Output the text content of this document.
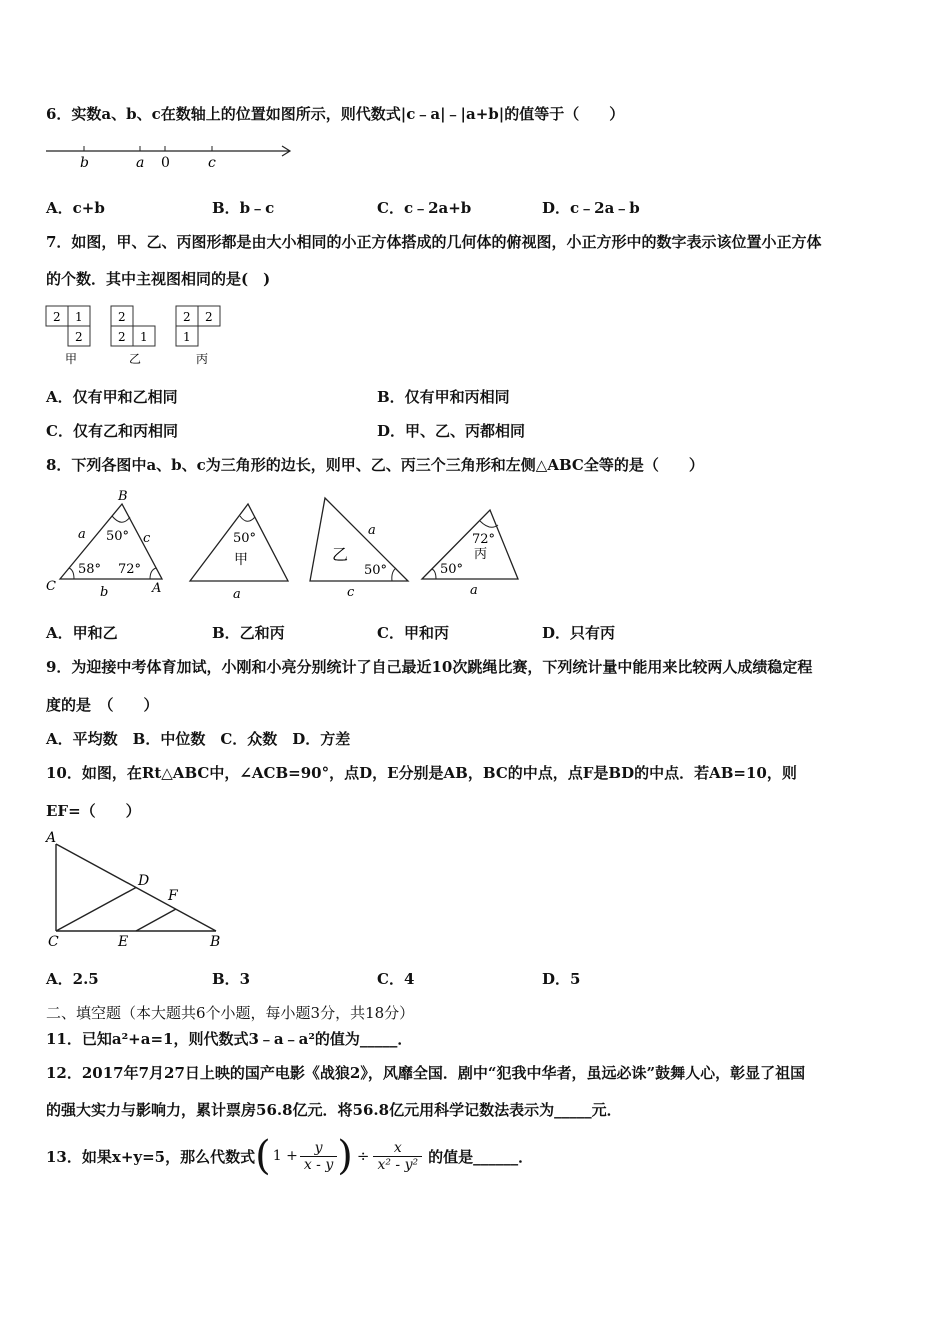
6．实数a、b、c在数轴上的位置如图所示，则代数式|c﹣a|﹣|a+b|的值等于（　　）
b	a 0	c
A．c+b	B．b﹣c	C．c﹣2a+b	D．c﹣2a﹣b
7．如图，甲、乙、丙图形都是由大小相同的小正方体搭成的几何体的俯视图，小正方形中的数字表示该位置小正方体
的个数．其中主视图相同的是(　)
2 1
2
甲
2
2 1
乙
2 2
1
丙
A．仅有甲和乙相同	B．仅有甲和丙相同
C．仅有乙和丙相同	D．甲、乙、丙都相同
8．下列各图中a、b、c为三角形的边长，则甲、乙、丙三个三角形和左侧△ABC全等的是（　　）
B
C	A
a	c
b
50°
58° 72°
50°
甲
a
a
乙
50°
c
72°
丙
50°
a
A．甲和乙	B．乙和丙	C．甲和丙	D．只有丙
9．为迎接中考体育加试，小刚和小亮分别统计了自己最近10次跳绳比赛，下列统计量中能用来比较两人成绩稳定程
度的是　（　　）
A．平均数　B．中位数　C．众数　D．方差
10．如图，在Rt△ABC中，∠ACB=90°，点D，E分别是AB，BC的中点，点F是BD的中点．若AB=10，则
EF=（　　）
A
D
F
C	E	B
A．2.5	B．3	C．4	D．5
二、填空题（本大题共6个小题，每小题3分，共18分）
11．已知a²+a=1，则代数式3﹣a﹣a²的值为_____．
12．2017年7月27日上映的国产电影《战狼2》，风靡全国．剧中“犯我中华者，虽远必诛”鼓舞人心，彰显了祖国
的强大实力与影响力，累计票房56.8亿元．将56.8亿元用科学记数法表示为_____元．
13．如果x+y=5，那么代数式 ( $1 + \frac{y}{x - y}$ ) ÷ $\frac{x}{\text{x² - y²}}$ 的值是______．
